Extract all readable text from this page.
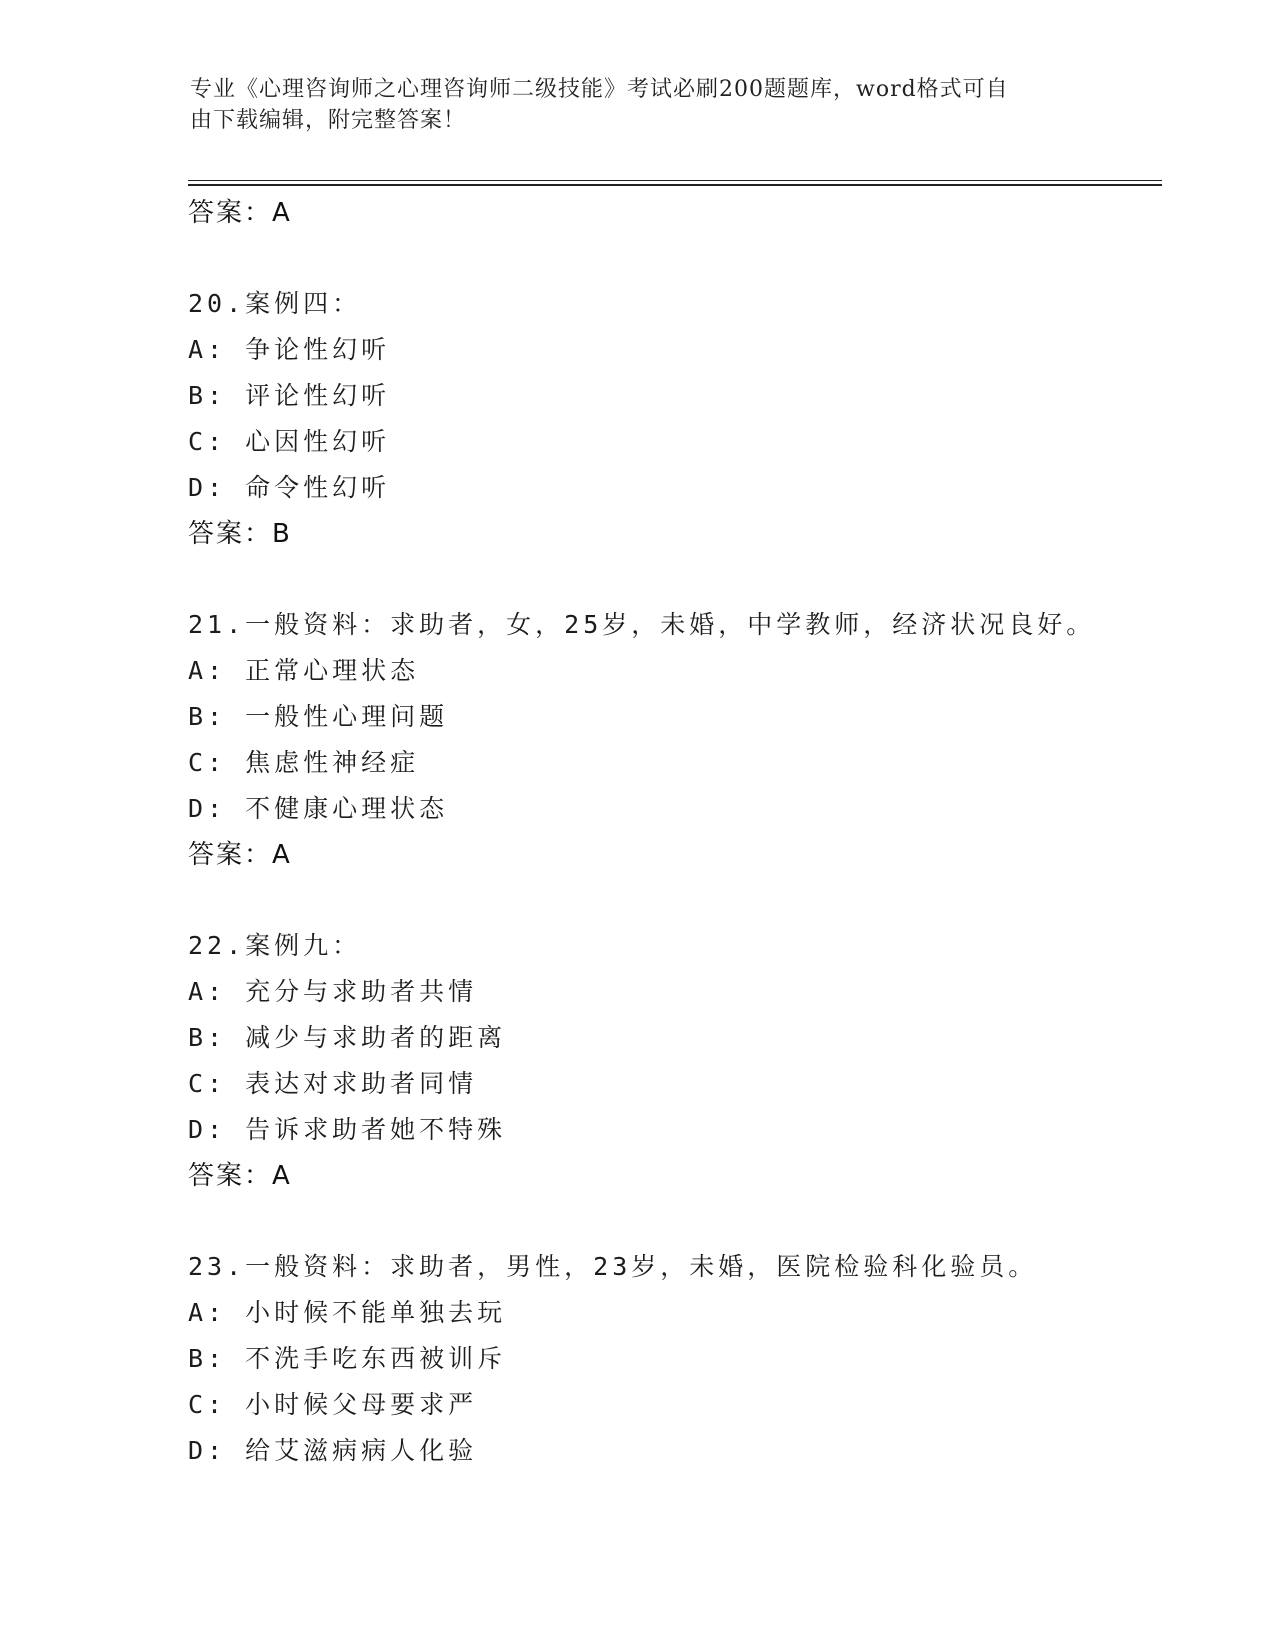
专业《心理咨询师之心理咨询师二级技能》考试必刷200题题库，word格式可自
由下载编辑，附完整答案！
答案：A
20.案例四：
A: 争论性幻听
B: 评论性幻听
C: 心因性幻听
D: 命令性幻听
答案：B
21.一般资料：求助者，女，25岁，未婚，中学教师，经济状况良好。
A: 正常心理状态
B: 一般性心理问题
C: 焦虑性神经症
D: 不健康心理状态
答案：A
22.案例九：
A: 充分与求助者共情
B: 减少与求助者的距离
C: 表达对求助者同情
D: 告诉求助者她不特殊
答案：A
23.一般资料：求助者，男性，23岁，未婚，医院检验科化验员。
A: 小时候不能单独去玩
B: 不洗手吃东西被训斥
C: 小时候父母要求严
D: 给艾滋病病人化验
